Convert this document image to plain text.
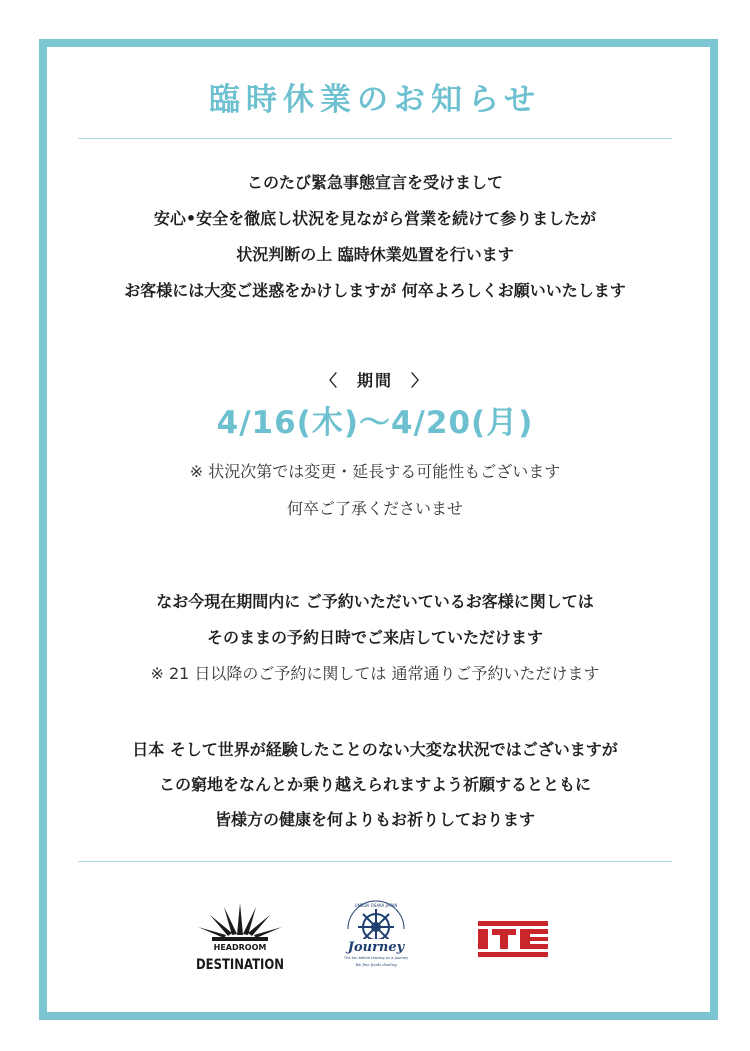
臨時休業のお知らせ
このたび緊急事態宣言を受けまして
安心•安全を徹底し状況を見ながら営業を続けて参りましたが
状況判断の上 臨時休業処置を行います
お客様には大変ご迷惑をかけしますが 何卒よろしくお願いいたします
〈　期間　〉
4/16(木)〜4/20(月)
※ 状況次第では変更・延長する可能性もございます
何卒ご了承くださいませ
なお今現在期間内に ご予約いただいているお客様に関しては
そのままの予約日時でご来店していただけます
※ 21 日以降のご予約に関しては 通常通りご予約いただけます
日本 そして世界が経験したことのない大変な状況ではございますが
この窮地をなんとか乗り越えられますよう祈願するとともに
皆様方の健康を何よりもお祈りしております
HEADROOM
DESTINATION
UMEDA OSAKA JAPAN
Journey
The fun before leaving on a journey
We fine foods dealing
